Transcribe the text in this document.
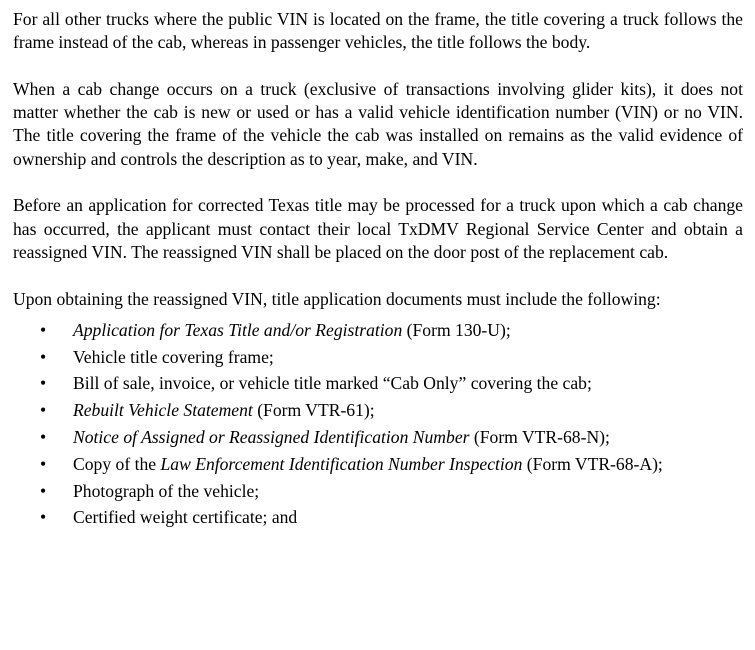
For all other trucks where the public VIN is located on the frame, the title covering a truck follows the frame instead of the cab, whereas in passenger vehicles, the title follows the body.

When a cab change occurs on a truck (exclusive of transactions involving glider kits), it does not matter whether the cab is new or used or has a valid vehicle identification number (VIN) or no VIN. The title covering the frame of the vehicle the cab was installed on remains as the valid evidence of ownership and controls the description as to year, make, and VIN.

Before an application for corrected Texas title may be processed for a truck upon which a cab change has occurred, the applicant must contact their local TxDMV Regional Service Center and obtain a reassigned VIN. The reassigned VIN shall be placed on the door post of the replacement cab.

Upon obtaining the reassigned VIN, title application documents must include the following:

• Application for Texas Title and/or Registration (Form 130-U);
• Vehicle title covering frame;
• Bill of sale, invoice, or vehicle title marked “Cab Only” covering the cab;
• Rebuilt Vehicle Statement (Form VTR-61);
• Notice of Assigned or Reassigned Identification Number (Form VTR-68-N);
• Copy of the Law Enforcement Identification Number Inspection (Form VTR-68-A);
• Photograph of the vehicle;
• Certified weight certificate; and
